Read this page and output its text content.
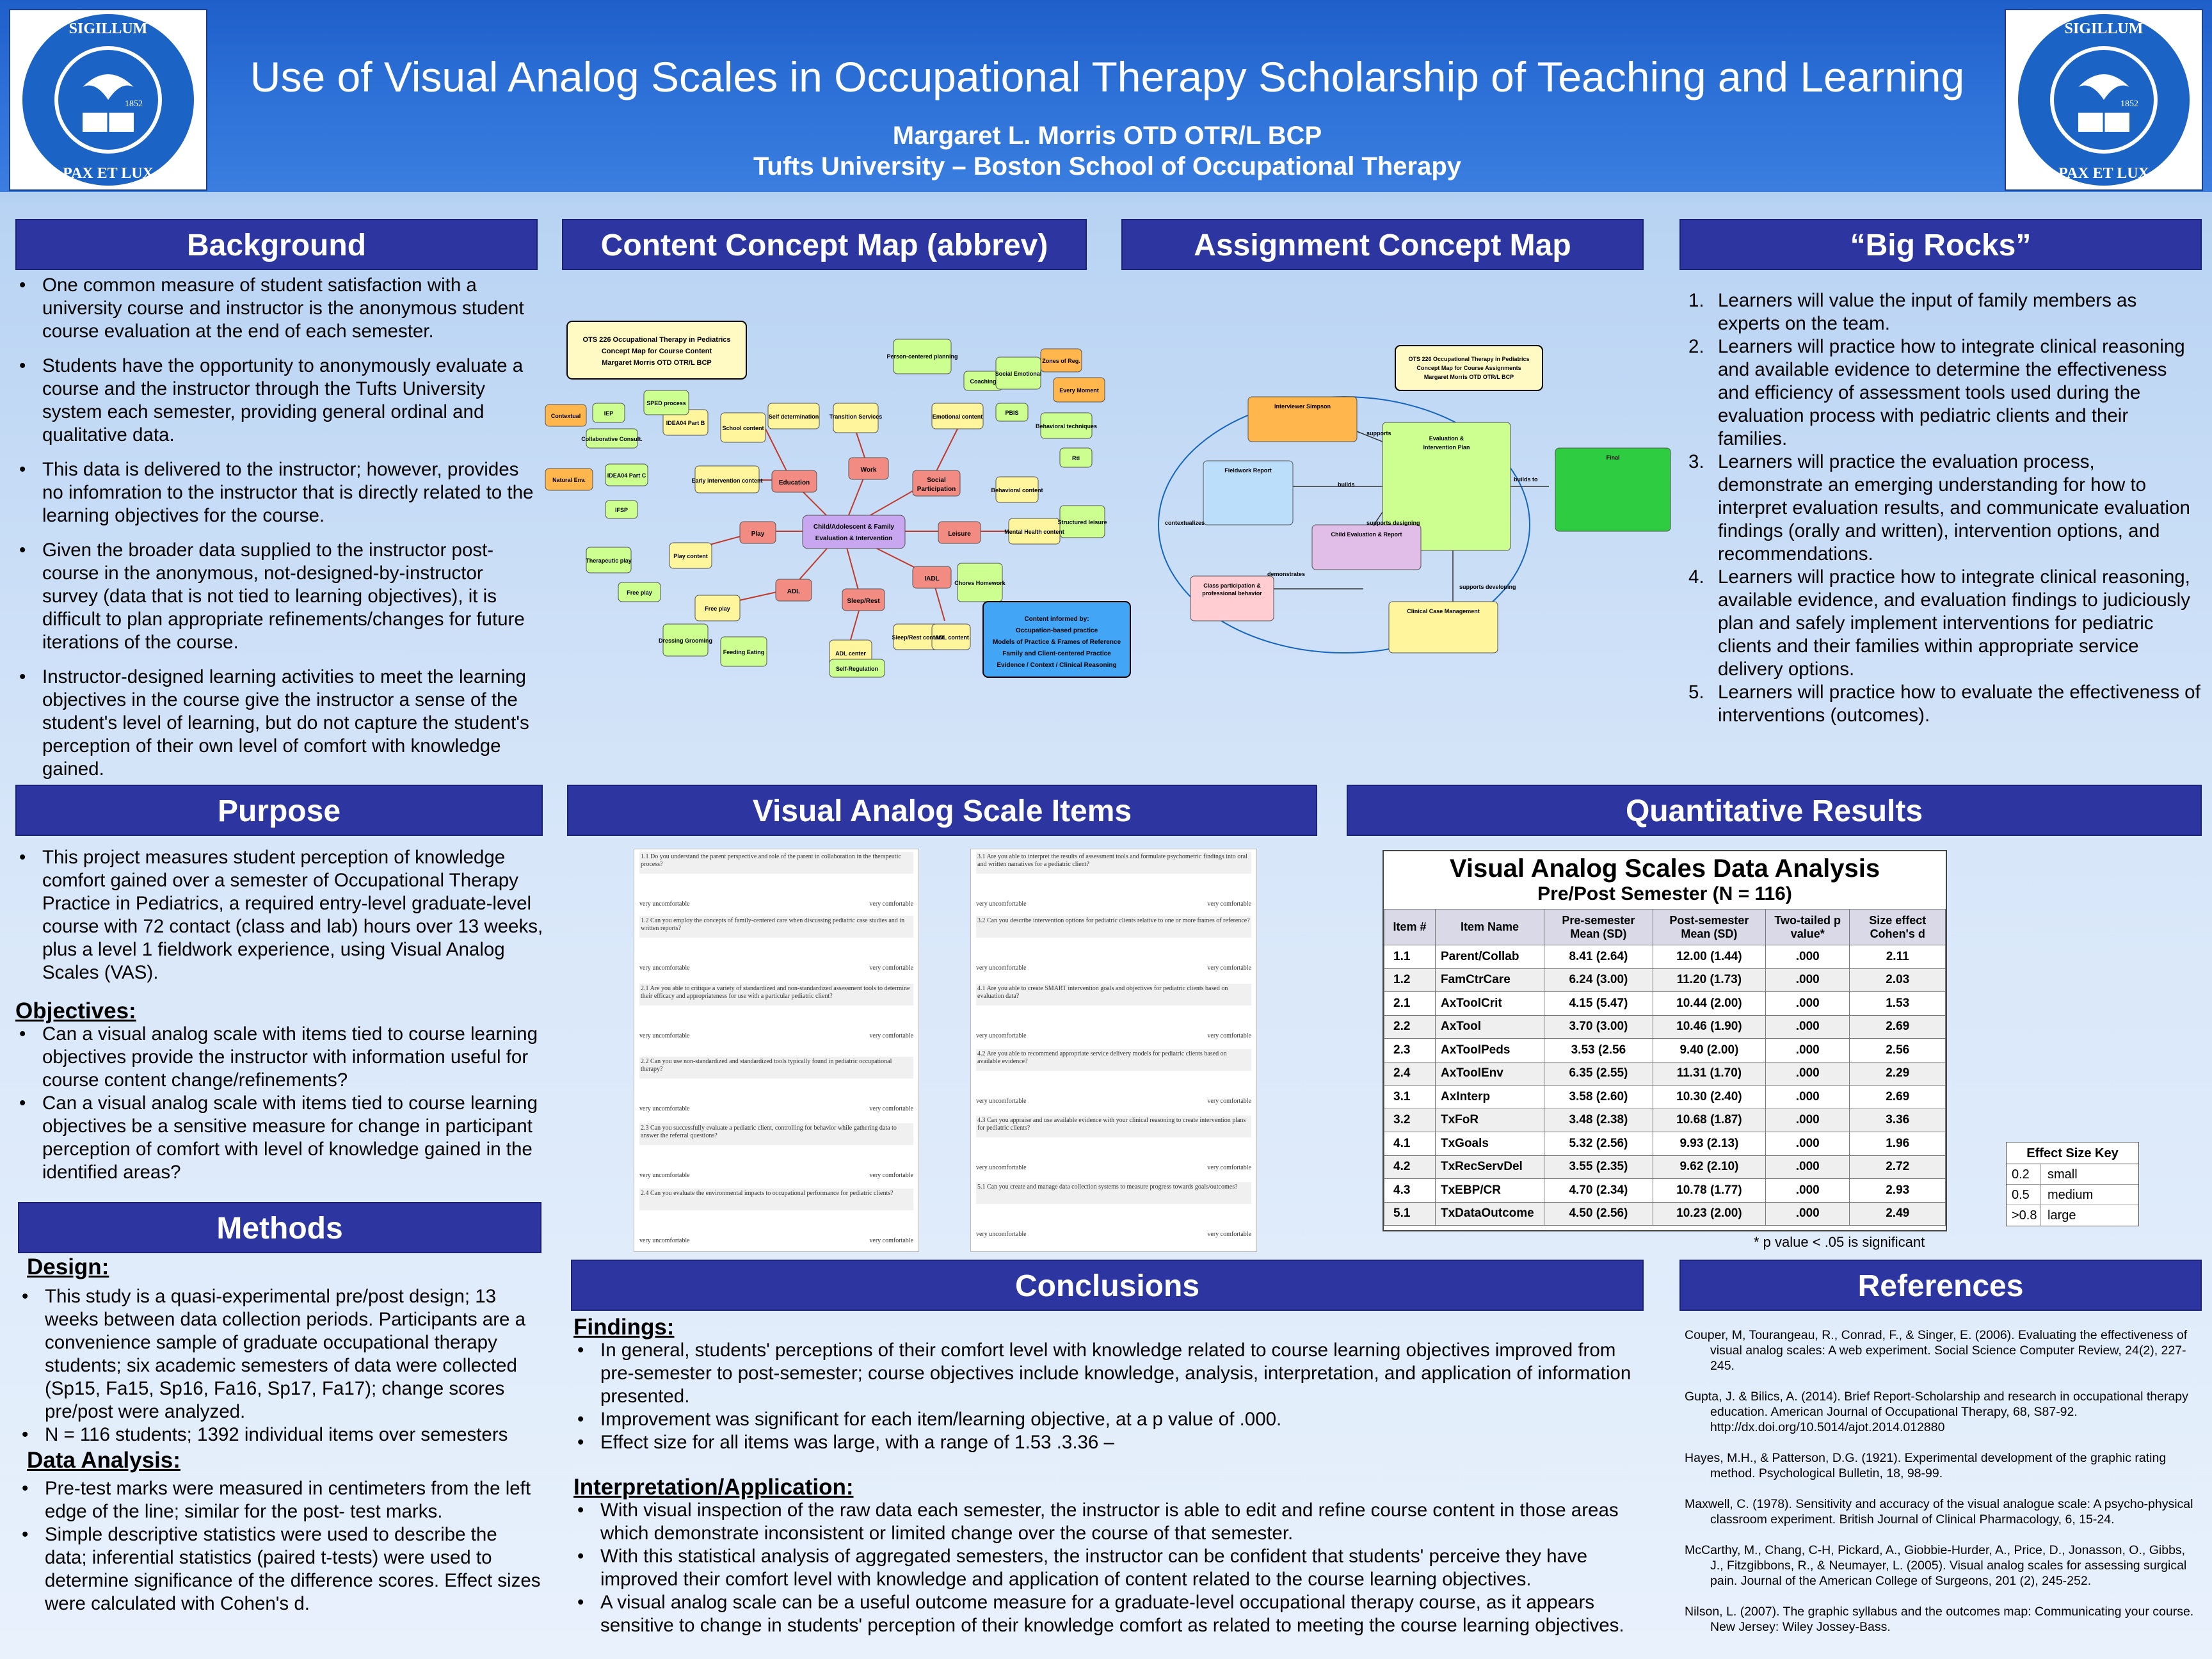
1852
SIGILLUM
PAX ET LUX
1852
SIGILLUM
PAX ET LUX
Use of Visual Analog Scales in Occupational Therapy Scholarship of Teaching and Learning
Margaret L. Morris OTD OTR/L BCP
Tufts University – Boston School of Occupational Therapy
Background	Content Concept Map (abbrev)	Assignment Concept Map	“Big Rocks”
Purpose	Visual Analog Scale Items	Quantitative Results
Methods
Conclusions	References
• One common measure of student satisfaction with a university course and instructor is the anonymous student course evaluation at the end of each semester.
• Students have the opportunity to anonymously evaluate a course and the instructor through the Tufts University system each semester, providing general ordinal and qualitative data.
• This data is delivered to the instructor; however, provides no infomration to the instructor that is directly related to the learning objectives for the course.
• Given the broader data supplied to the instructor post-course in the anonymous, not-designed-by-instructor survey (data that is not tied to learning objectives), it is difficult to plan appropriate refinements/changes for future iterations of the course.
• Instructor-designed learning activities to meet the learning objectives in the course give the instructor a sense of the student's level of learning, but do not capture the student's perception of their own level of comfort with knowledge gained.
OTS 226 Occupational Therapy in Pediatrics
Concept Map for Course Content
Margaret Morris OTD OTR/L BCP
Child/Adolescent & Family
Evaluation & Intervention
Education
Work
Social
Participation
Leisure
IADL
Sleep/Rest
ADL
Play
Early intervention content
School content
Self determination Transition Services	Emotional content
Behavioral content
Mental Health content
Sleep/Rest content
IADL content
ADL center
Play content
IDEA04 Part B
Free play
SPED process
IEP
Collaborative Consult.
IDEA04 Part C
IFSP
Therapeutic play
Free play
Dressing Grooming
Feeding Eating
Self-Regulation
Person-centered planning
Coaching
Social Emotional
PBIS
Behavioral techniques
RtI
Structured leisure
Chores Homework
Contextual
Natural Env.
Zones of Reg.
Every Moment
Content informed by:
Occupation-based practice
Models of Practice & Frames of Reference
Family and Client-centered Practice
Evidence / Context / Clinical Reasoning
OTS 226 Occupational Therapy in Pediatrics
Concept Map for Course Assignments
Margaret Morris OTD OTR/L BCP
Interviewer Simpson
Fieldwork Report
Evaluation &
Intervention Plan
Child Evaluation & Report
Clinical Case Management
Final
Class participation &
professional behavior
supports
builds
supports designing
builds to
supports developing
contextualizes
demonstrates
1. Learners will value the input of family members as experts on the team.
2. Learners will practice how to integrate clinical reasoning and available evidence to determine the effectiveness and efficiency of assessment tools used during the evaluation process with pediatric clients and their families.
3. Learners will practice the evaluation process, demonstrate an emerging understanding for how to interpret evaluation results, and communicate evaluation findings (orally and written), intervention options, and recommendations.
4. Learners will practice how to integrate clinical reasoning, available evidence, and evaluation findings to judiciously plan and safely implement interventions for pediatric clients and their families within appropriate service delivery options.
5. Learners will practice how to evaluate the effectiveness of interventions (outcomes).
• This project measures student perception of knowledge comfort gained over a semester of Occupational Therapy Practice in Pediatrics, a required entry-level graduate-level course with 72 contact (class and lab) hours over 13 weeks, plus a level 1 fieldwork experience, using Visual Analog Scales (VAS).
Objectives:
• Can a visual analog scale with items tied to course learning objectives provide the instructor with information useful for course content change/refinements?
• Can a visual analog scale with items tied to course learning objectives be a sensitive measure for change in participant perception of comfort with level of knowledge gained in the identified areas?
Design:
• This study is a quasi-experimental pre/post design; 13 weeks between data collection periods. Participants are a convenience sample of graduate occupational therapy students; six academic semesters of data were collected (Sp15, Fa15, Sp16, Fa16, Sp17, Fa17); change scores pre/post were analyzed.
• N = 116 students; 1392 individual items over semesters
Data Analysis:
• Pre-test marks were measured in centimeters from the left edge of the line; similar for the post- test marks.
• Simple descriptive statistics were used to describe the data; inferential statistics (paired t-tests) were used to determine significance of the difference scores. Effect sizes were calculated with Cohen's d.
1.1 Do you understand the parent perspective and role of the parent in collaboration in the therapeutic process?
very uncomfortable	very comfortable
1.2 Can you employ the concepts of family-centered care when discussing pediatric case studies and in written reports?
very uncomfortable	very comfortable
2.1 Are you able to critique a variety of standardized and non-standardized assessment tools to determine their efficacy and appropriateness for use with a particular pediatric client?
very uncomfortable	very comfortable
2.2 Can you use non-standardized and standardized tools typically found in pediatric occupational therapy?
very uncomfortable	very comfortable
2.3 Can you successfully evaluate a pediatric client, controlling for behavior while gathering data to answer the referral questions?
very uncomfortable	very comfortable
2.4 Can you evaluate the environmental impacts to occupational performance for pediatric clients?
very uncomfortable	very comfortable
3.1 Are you able to interpret the results of assessment tools and formulate psychometric findings into oral and written narratives for a pediatric client?
very uncomfortable	very comfortable
3.2 Can you describe intervention options for pediatric clients relative to one or more frames of reference?
very uncomfortable	very comfortable
4.1 Are you able to create SMART intervention goals and objectives for pediatric clients based on evaluation data?
very uncomfortable	very comfortable
4.2 Are you able to recommend appropriate service delivery models for pediatric clients based on available evidence?
very uncomfortable	very comfortable
4.3 Can you appraise and use available evidence with your clinical reasoning to create intervention plans for pediatric clients?
very uncomfortable	very comfortable
5.1 Can you create and manage data collection systems to measure progress towards goals/outcomes?
very uncomfortable	very comfortable
Visual Analog Scales Data Analysis
Pre/Post Semester (N = 116)
Item #	Item Name	Pre-semester Mean (SD)	Post-semester Mean (SD)	Two-tailed p value*	Size effect Cohen's d
1.1	Parent/Collab	8.41 (2.64)	12.00 (1.44)	.000	2.11
1.2	FamCtrCare	6.24 (3.00)	11.20 (1.73)	.000	2.03
2.1	AxToolCrit	4.15 (5.47)	10.44 (2.00)	.000	1.53
2.2	AxTool	3.70 (3.00)	10.46 (1.90)	.000	2.69
2.3	AxToolPeds	3.53 (2.56	9.40 (2.00)	.000	2.56
2.4	AxToolEnv	6.35 (2.55)	11.31 (1.70)	.000	2.29
3.1	AxInterp	3.58 (2.60)	10.30 (2.40)	.000	2.69
3.2	TxFoR	3.48 (2.38)	10.68 (1.87)	.000	3.36
4.1	TxGoals	5.32 (2.56)	9.93 (2.13)	.000	1.96
4.2	TxRecServDel	3.55 (2.35)	9.62 (2.10)	.000	2.72
4.3	TxEBP/CR	4.70 (2.34)	10.78 (1.77)	.000	2.93
5.1	TxDataOutcome	4.50 (2.56)	10.23 (2.00)	.000	2.49
* p value < .05 is significant
Effect Size Key
0.2	small
0.5	medium
>0.8 large
Findings:
• In general, students' perceptions of their comfort level with knowledge related to course learning objectives improved from pre-semester to post-semester; course objectives include knowledge, analysis, interpretation, and application of information presented.
• Improvement was significant for each item/learning objective, at a p value of .000.
• Effect size for all items was large, with a range of 1.53 .3.36 –
Interpretation/Application:
• With visual inspection of the raw data each semester, the instructor is able to edit and refine course content in those areas which demonstrate inconsistent or limited change over the course of that semester.
• With this statistical analysis of aggregated semesters, the instructor can be confident that students' perceive they have improved their comfort level with knowledge and application of content related to the course learning objectives.
• A visual analog scale can be a useful outcome measure for a graduate-level occupational therapy course, as it appears sensitive to change in students' perception of their knowledge comfort as related to meeting the course learning objectives.

Couper, M, Tourangeau, R., Conrad, F., & Singer, E. (2006). Evaluating the effectiveness of visual analog scales: A web experiment. Social Science Computer Review, 24(2), 227-245.

Gupta, J. & Bilics, A. (2014). Brief Report-Scholarship and research in occupational therapy education. American Journal of Occupational Therapy, 68, S87-92. http://dx.doi.org/10.5014/ajot.2014.012880

Hayes, M.H., & Patterson, D.G. (1921). Experimental development of the graphic rating method. Psychological Bulletin, 18, 98-99.

Maxwell, C. (1978). Sensitivity and accuracy of the visual analogue scale: A psycho-physical classroom experiment. British Journal of Clinical Pharmacology, 6, 15-24.

McCarthy, M., Chang, C-H, Pickard, A., Giobbie-Hurder, A., Price, D., Jonasson, O., Gibbs, J., Fitzgibbons, R., & Neumayer, L. (2005). Visual analog scales for assessing surgical pain. Journal of the American College of Surgeons, 201 (2), 245-252.

Nilson, L. (2007). The graphic syllabus and the outcomes map: Communicating your course. New Jersey: Wiley Jossey-Bass.
